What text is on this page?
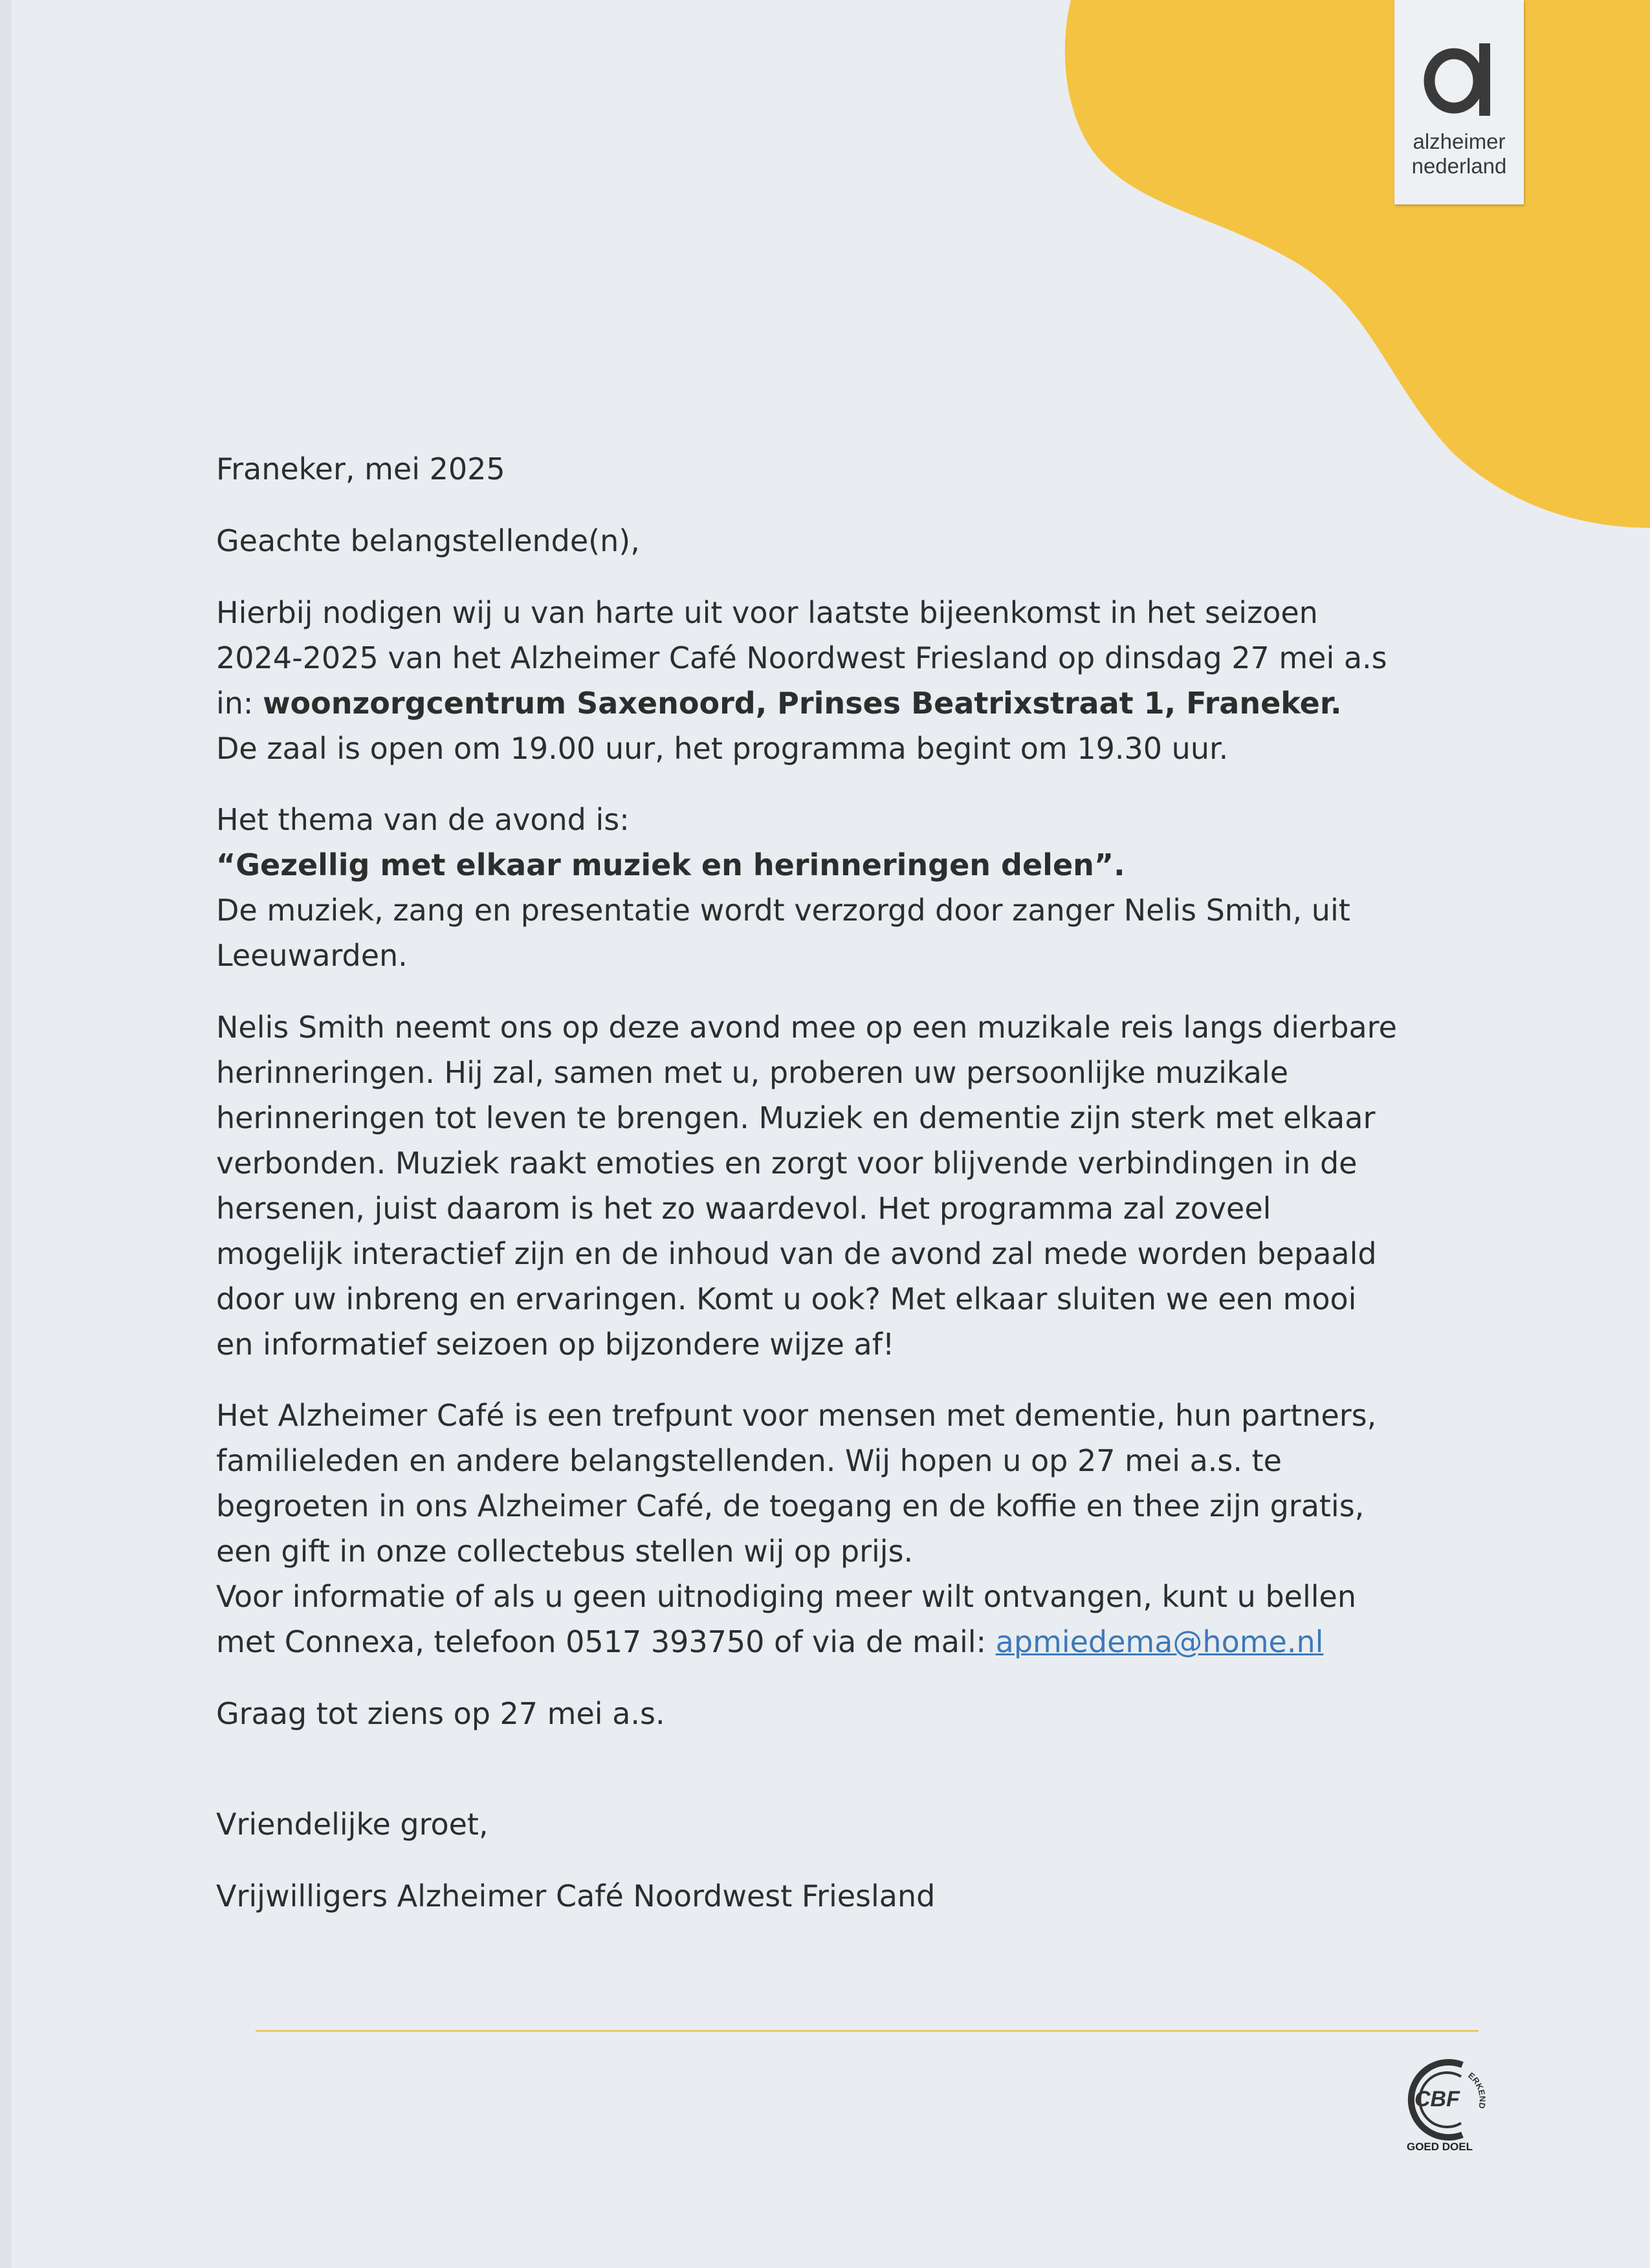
alzheimer
nederland
Franeker, mei 2025
Geachte belangstellende(n),
Hierbij nodigen wij u van harte uit voor laatste bijeenkomst in het seizoen
2024-2025 van het Alzheimer Café Noordwest Friesland op dinsdag 27 mei a.s
in: woonzorgcentrum Saxenoord, Prinses Beatrixstraat 1, Franeker.
De zaal is open om 19.00 uur, het programma begint om 19.30 uur.
Het thema van de avond is:
“Gezellig met elkaar muziek en herinneringen delen”.
De muziek, zang en presentatie wordt verzorgd door zanger Nelis Smith, uit
Leeuwarden.
Nelis Smith neemt ons op deze avond mee op een muzikale reis langs dierbare
herinneringen. Hij zal, samen met u, proberen uw persoonlijke muzikale
herinneringen tot leven te brengen. Muziek en dementie zijn sterk met elkaar
verbonden. Muziek raakt emoties en zorgt voor blijvende verbindingen in de
hersenen, juist daarom is het zo waardevol. Het programma zal zoveel
mogelijk interactief zijn en de inhoud van de avond zal mede worden bepaald
door uw inbreng en ervaringen. Komt u ook? Met elkaar sluiten we een mooi
en informatief seizoen op bijzondere wijze af!
Het Alzheimer Café is een trefpunt voor mensen met dementie, hun partners,
familieleden en andere belangstellenden. Wij hopen u op 27 mei a.s. te
begroeten in ons Alzheimer Café, de toegang en de koffie en thee zijn gratis,
een gift in onze collectebus stellen wij op prijs.
Voor informatie of als u geen uitnodiging meer wilt ontvangen, kunt u bellen
met Connexa, telefoon 0517 393750 of via de mail: apmiedema@home.nl
Graag tot ziens op 27 mei a.s.
Vriendelijke groet,
Vrijwilligers Alzheimer Café Noordwest Friesland
CBF
ERKEND
GOED DOEL
